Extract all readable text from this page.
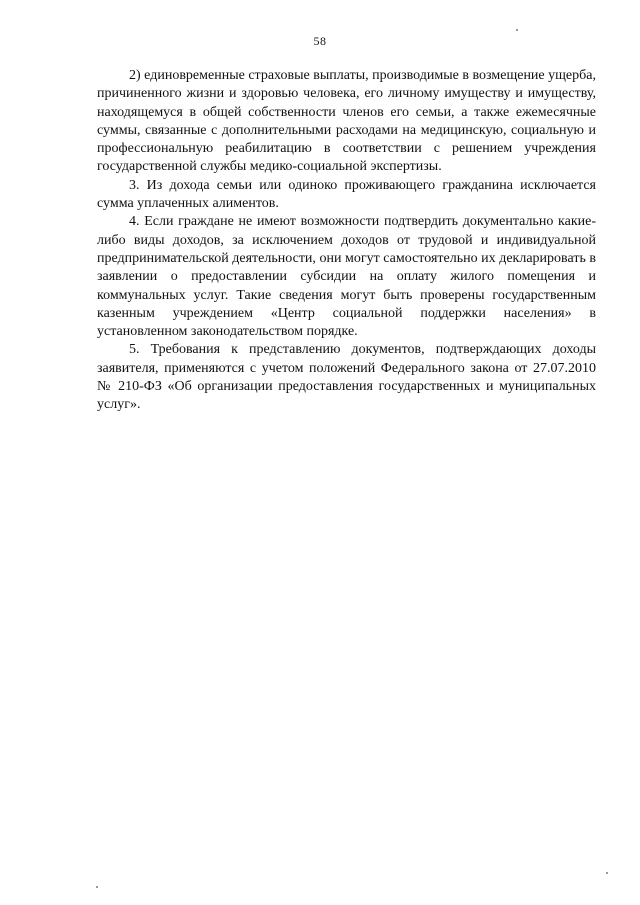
58

2) единовременные страховые выплаты, производимые в возмещение ущерба, причиненного жизни и здоровью человека, его личному имуществу и имуществу, находящемуся в общей собственности членов его семьи, а также ежемесячные суммы, связанные с дополнительными расходами на медицинскую, социальную и профессиональную реабилитацию в соответствии с решением учреждения государственной службы медико-социальной экспертизы.

3. Из дохода семьи или одиноко проживающего гражданина исключается сумма уплаченных алиментов.

4. Если граждане не имеют возможности подтвердить документально какие-либо виды доходов, за исключением доходов от трудовой и индивидуальной предпринимательской деятельности, они могут самостоятельно их декларировать в заявлении о предоставлении субсидии на оплату жилого помещения и коммунальных услуг. Такие сведения могут быть проверены государственным казенным учреждением «Центр социальной поддержки населения» в установленном законодательством порядке.

5. Требования к представлению документов, подтверждающих доходы заявителя, применяются с учетом положений Федерального закона от 27.07.2010 № 210-ФЗ «Об организации предоставления государственных и муниципальных услуг».
